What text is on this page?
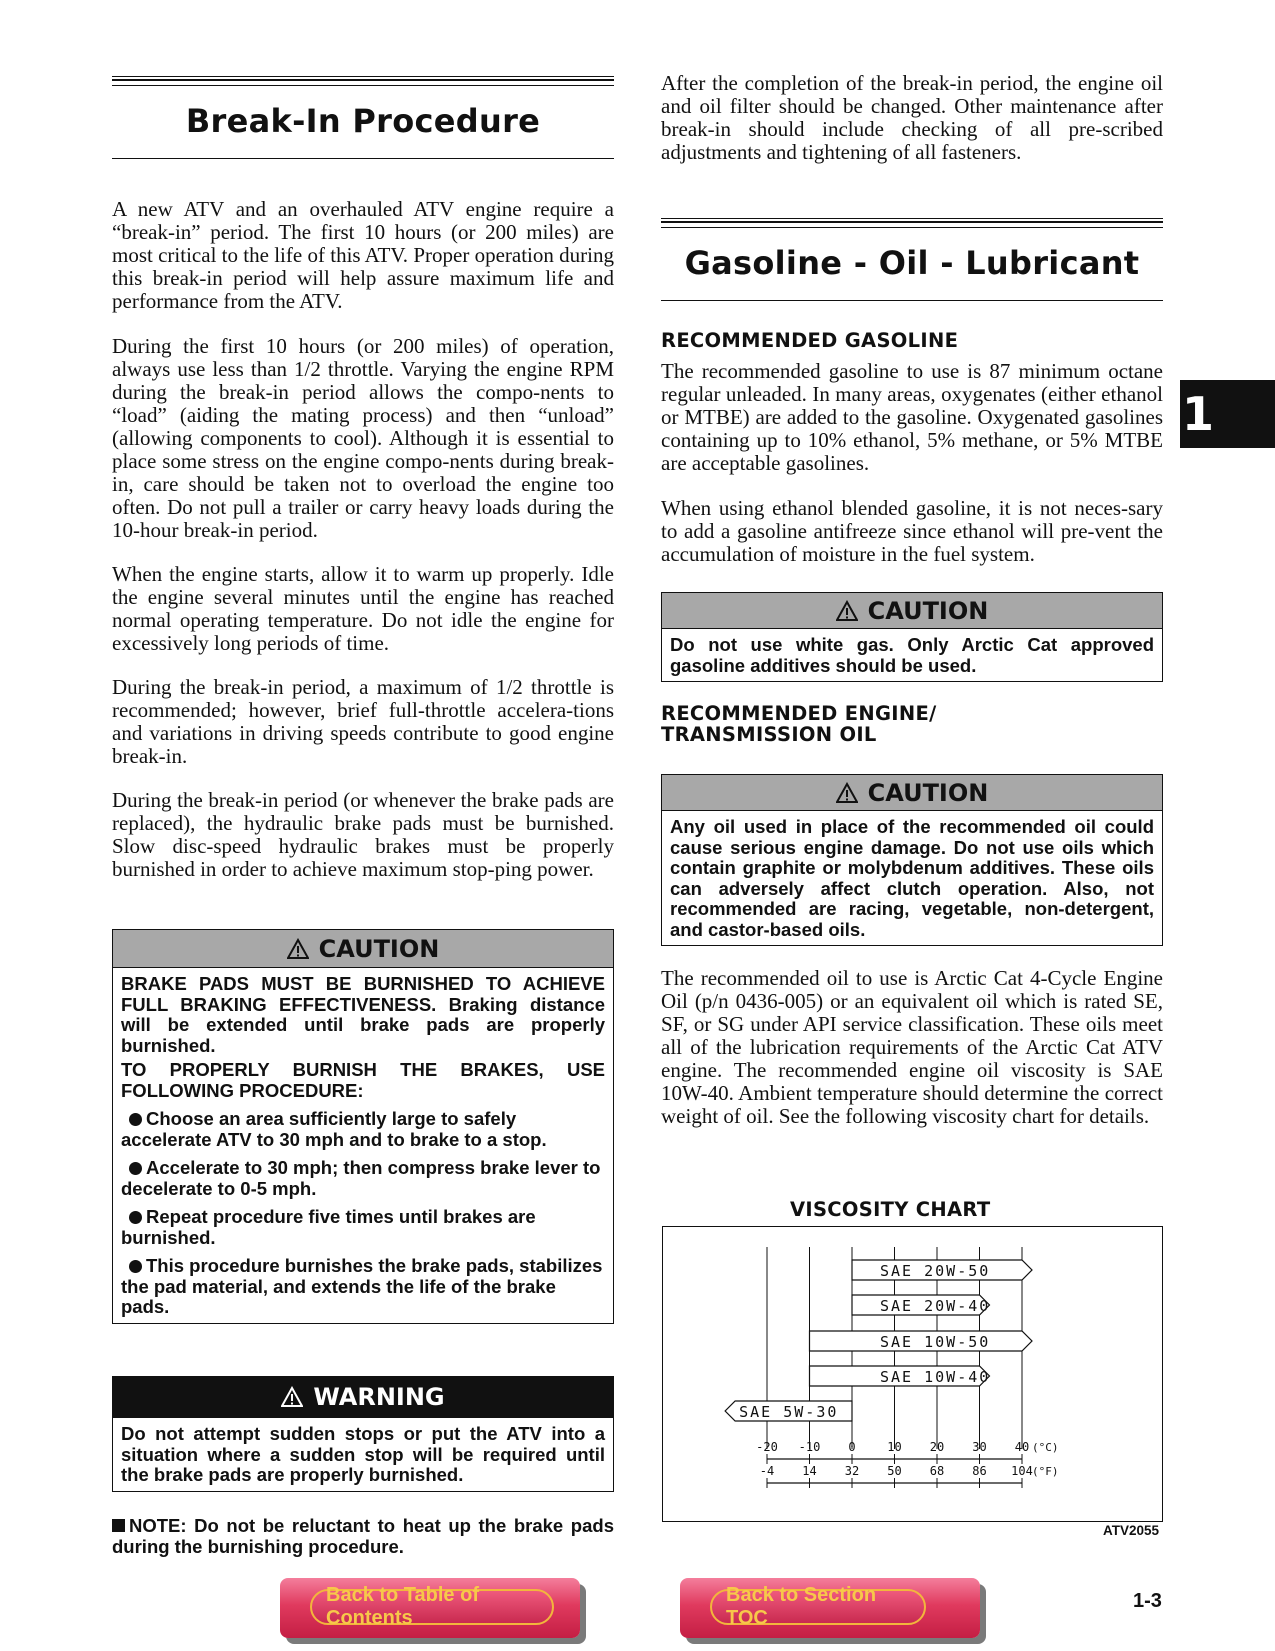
Break-In Procedure
A new ATV and an overhauled ATV engine require a “break-in” period. The first 10 hours (or 200 miles) are most critical to the life of this ATV. Proper operation during this break-in period will help assure maximum life and performance from the ATV.
During the first 10 hours (or 200 miles) of operation, always use less than 1/2 throttle. Varying the engine RPM during the break-in period allows the compo-nents to “load” (aiding the mating process) and then “unload” (allowing components to cool). Although it is essential to place some stress on the engine compo-nents during break-in, care should be taken not to overload the engine too often. Do not pull a trailer or carry heavy loads during the 10-hour break-in period.
When the engine starts, allow it to warm up properly. Idle the engine several minutes until the engine has reached normal operating temperature. Do not idle the engine for excessively long periods of time.
During the break-in period, a maximum of 1/2 throttle is recommended; however, brief full-throttle accelera-tions and variations in driving speeds contribute to good engine break-in.
During the break-in period (or whenever the brake pads are replaced), the hydraulic brake pads must be burnished. Slow disc-speed hydraulic brakes must be properly burnished in order to achieve maximum stop-ping power.
CAUTION
BRAKE PADS MUST BE BURNISHED TO ACHIEVE FULL BRAKING EFFECTIVENESS. Braking distance will be extended until brake pads are properly burnished.
TO PROPERLY BURNISH THE BRAKES, USE FOLLOWING PROCEDURE:
Choose an area sufficiently large to safely accelerate ATV to 30 mph and to brake to a stop.
Accelerate to 30 mph; then compress brake lever to decelerate to 0-5 mph.
Repeat procedure five times until brakes are burnished.
This procedure burnishes the brake pads, stabilizes the pad material, and extends the life of the brake pads.
WARNING
Do not attempt sudden stops or put the ATV into a situation where a sudden stop will be required until the brake pads are properly burnished.
NOTE: Do not be reluctant to heat up the brake pads during the burnishing procedure.
After the completion of the break-in period, the engine oil and oil filter should be changed. Other maintenance after break-in should include checking of all pre-scribed adjustments and tightening of all fasteners.
Gasoline - Oil - Lubricant
RECOMMENDED GASOLINE
The recommended gasoline to use is 87 minimum octane regular unleaded. In many areas, oxygenates (either ethanol or MTBE) are added to the gasoline. Oxygenated gasolines containing up to 10% ethanol, 5% methane, or 5% MTBE are acceptable gasolines.
When using ethanol blended gasoline, it is not neces-sary to add a gasoline antifreeze since ethanol will pre-vent the accumulation of moisture in the fuel system.
CAUTION
Do not use white gas. Only Arctic Cat approved gasoline additives should be used.
RECOMMENDED ENGINE/
TRANSMISSION OIL
CAUTION
Any oil used in place of the recommended oil could cause serious engine damage. Do not use oils which contain graphite or molybdenum additives. These oils can adversely affect clutch operation. Also, not recommended are racing, vegetable, non-detergent, and castor-based oils.
The recommended oil to use is Arctic Cat 4-Cycle Engine Oil (p/n 0436-005) or an equivalent oil which is rated SE, SF, or SG under API service classification. These oils meet all of the lubrication requirements of the Arctic Cat ATV engine. The recommended engine oil viscosity is SAE 10W-40. Ambient temperature should determine the correct weight of oil. See the following viscosity chart for details.
VISCOSITY CHART
SAE 20W-50
SAE 20W-40
SAE 10W-50
SAE 10W-40
SAE 5W-30
-20 -10 0	10 20 30 40 (°C)
-4 14 32 50 68 86 104 (°F)
ATV2055
1
Back to Table of Contents
Back to Section TOC
1-3
